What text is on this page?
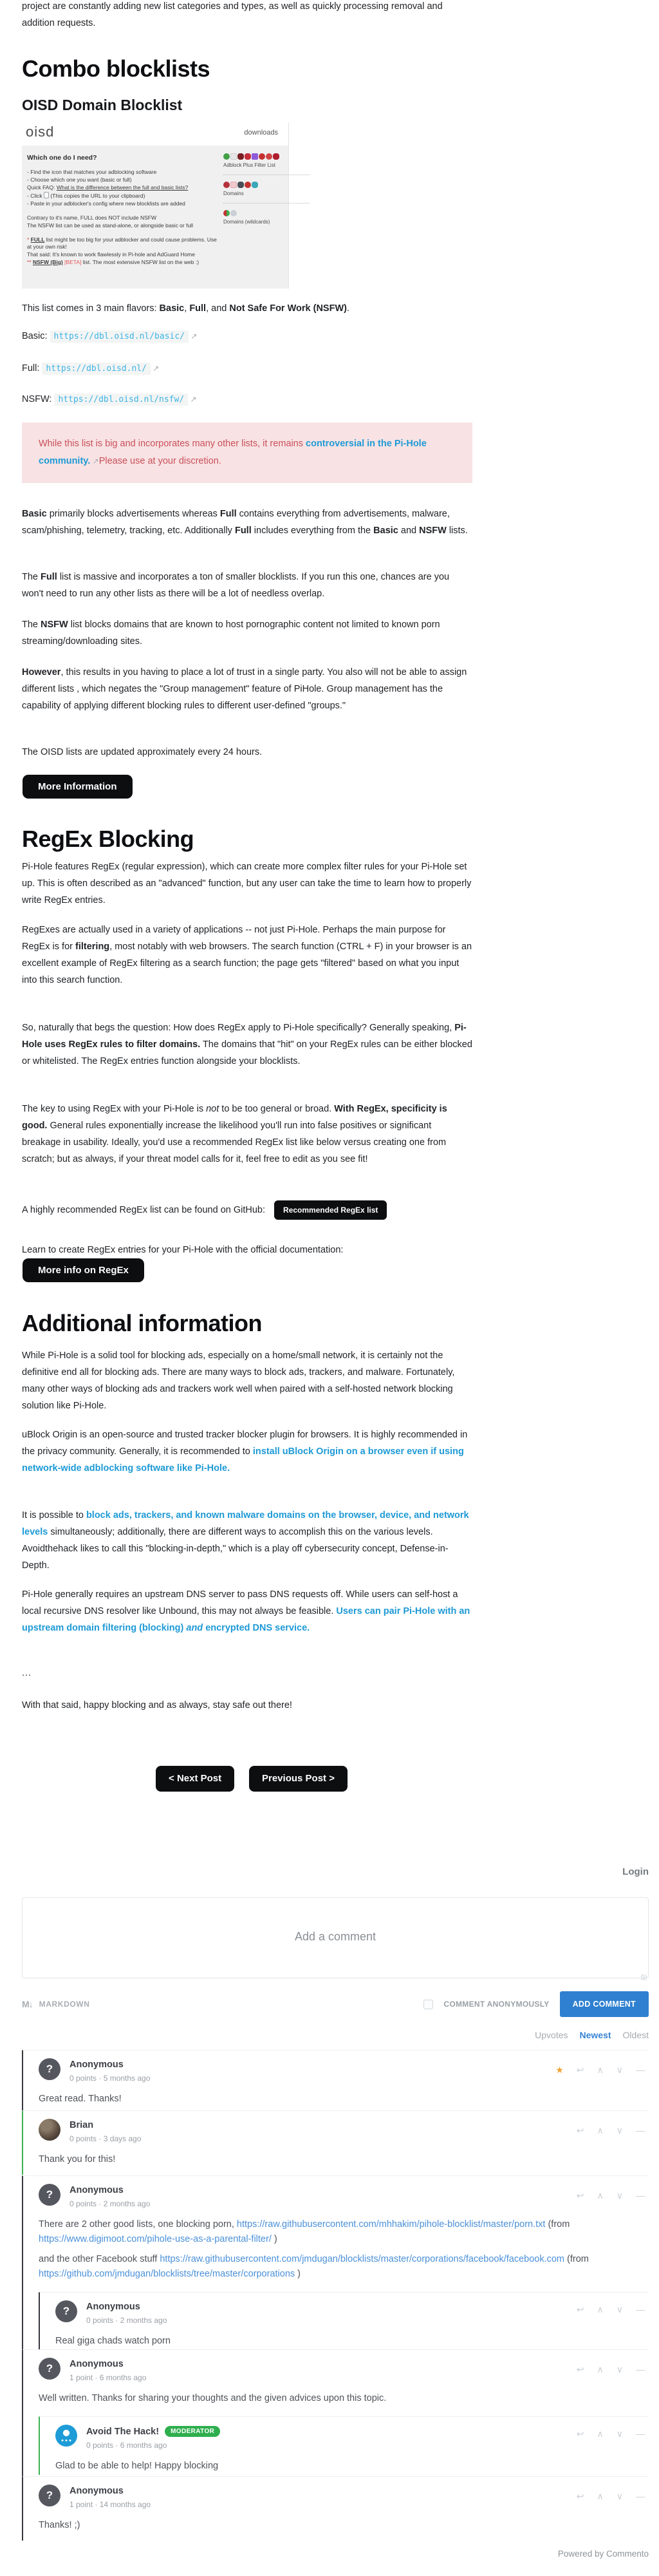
project are constantly adding new list categories and types, as well as quickly processing removal and addition requests.
Combo blocklists
OISD Domain Blocklist
oisd	downloads
Which one do I need?
- Find the icon that matches your adblocking software
- Choose which one you want (basic or full)
Quick FAQ: What is the difference between the full and basic lists?
- Click  (This copies the URL to your clipboard)
- Paste in your adblocker's config where new blocklists are added
Contrary to it's name, FULL does NOT include NSFW
The NSFW list can be used as stand-alone, or alongside basic or full
* FULL list might be too big for your adblocker and could cause problems. Use at your own risk!
That said: It's known to work flawlessly in Pi-hole and AdGuard Home
** NSFW (Big) [BETA] list. The most extensive NSFW list on the web :)
Adblock Plus Filter List
Domains
Domains (wildcards)
This list comes in 3 main flavors: Basic, Full, and Not Safe For Work (NSFW).
Basic: https://dbl.oisd.nl/basic/ ↗
Full: https://dbl.oisd.nl/ ↗
NSFW: https://dbl.oisd.nl/nsfw/ ↗
While this list is big and incorporates many other lists, it remains controversial in the Pi-Hole community. ↗Please use at your discretion.
Basic primarily blocks advertisements whereas Full contains everything from advertisements, malware, scam/phishing, telemetry, tracking, etc. Additionally Full includes everything from the Basic and NSFW lists.
The Full list is massive and incorporates a ton of smaller blocklists. If you run this one, chances are you won't need to run any other lists as there will be a lot of needless overlap.
The NSFW list blocks domains that are known to host pornographic content not limited to known porn streaming/downloading sites.
However, this results in you having to place a lot of trust in a single party. You also will not be able to assign different lists , which negates the "Group management" feature of PiHole. Group management has the capability of applying different blocking rules to different user-defined "groups."
The OISD lists are updated approximately every 24 hours.
More Information
RegEx Blocking
Pi-Hole features RegEx (regular expression), which can create more complex filter rules for your Pi-Hole set up. This is often described as an "advanced" function, but any user can take the time to learn how to properly write RegEx entries.
RegExes are actually used in a variety of applications -- not just Pi-Hole. Perhaps the main purpose for RegEx is for filtering, most notably with web browsers. The search function (CTRL + F) in your browser is an excellent example of RegEx filtering as a search function; the page gets "filtered" based on what you input into this search function.
So, naturally that begs the question: How does RegEx apply to Pi-Hole specifically? Generally speaking, Pi-Hole uses RegEx rules to filter domains. The domains that "hit" on your RegEx rules can be either blocked or whitelisted. The RegEx entries function alongside your blocklists.
The key to using RegEx with your Pi-Hole is not to be too general or broad. With RegEx, specificity is good. General rules exponentially increase the likelihood you'll run into false positives or significant breakage in usability. Ideally, you'd use a recommended RegEx list like below versus creating one from scratch; but as always, if your threat model calls for it, feel free to edit as you see fit!
A highly recommended RegEx list can be found on GitHub:	Recommended RegEx list
Learn to create RegEx entries for your Pi-Hole with the official documentation:
More info on RegEx
Additional information
While Pi-Hole is a solid tool for blocking ads, especially on a home/small network, it is certainly not the definitive end all for blocking ads. There are many ways to block ads, trackers, and malware. Fortunately, many other ways of blocking ads and trackers work well when paired with a self-hosted network blocking solution like Pi-Hole.
uBlock Origin is an open-source and trusted tracker blocker plugin for browsers. It is highly recommended in the privacy community. Generally, it is recommended to install uBlock Origin on a browser even if using network-wide adblocking software like Pi-Hole.
It is possible to block ads, trackers, and known malware domains on the browser, device, and network levels simultaneously; additionally, there are different ways to accomplish this on the various levels. Avoidthehack likes to call this "blocking-in-depth," which is a play off cybersecurity concept, Defense-in-Depth.
Pi-Hole generally requires an upstream DNS server to pass DNS requests off. While users can self-host a local recursive DNS resolver like Unbound, this may not always be feasible. Users can pair Pi-Hole with an upstream domain filtering (blocking) and encrypted DNS service.
...
With that said, happy blocking and as always, stay safe out there!
< Next Post	Previous Post >
Login
Add a comment
M↓ MARKDOWN	COMMENT ANONYMOUSLY	ADD COMMENT
Upvotes Newest Oldest
★ ↩ ∧ ∨ —
?	Anonymous
0 points · 5 months ago
Great read. Thanks!
↩ ∧ ∨ —
Brian
0 points · 3 days ago
Thank you for this!
↩ ∧ ∨ —
?	Anonymous
0 points · 2 months ago

There are 2 other good lists, one blocking porn, https://raw.githubusercontent.com/mhhakim/pihole-blocklist/master/porn.txt (from https://www.digimoot.com/pihole-use-as-a-parental-filter/ )

and the other Facebook stuff https://raw.githubusercontent.com/jmdugan/blocklists/master/corporations/facebook/facebook.com (from https://github.com/jmdugan/blocklists/tree/master/corporations )

↩ ∧ ∨ —
?	Anonymous
0 points · 2 months ago
Real giga chads watch porn
↩ ∧ ∨ —
?	Anonymous
1 point · 6 months ago
Well written. Thanks for sharing your thoughts and the given advices upon this topic.
↩ ∧ ∨ —
Avoid The Hack! MODERATOR
0 points · 6 months ago
Glad to be able to help! Happy blocking
↩ ∧ ∨ —
?	Anonymous
1 point · 14 months ago
Thanks! ;)
Powered by Commento
